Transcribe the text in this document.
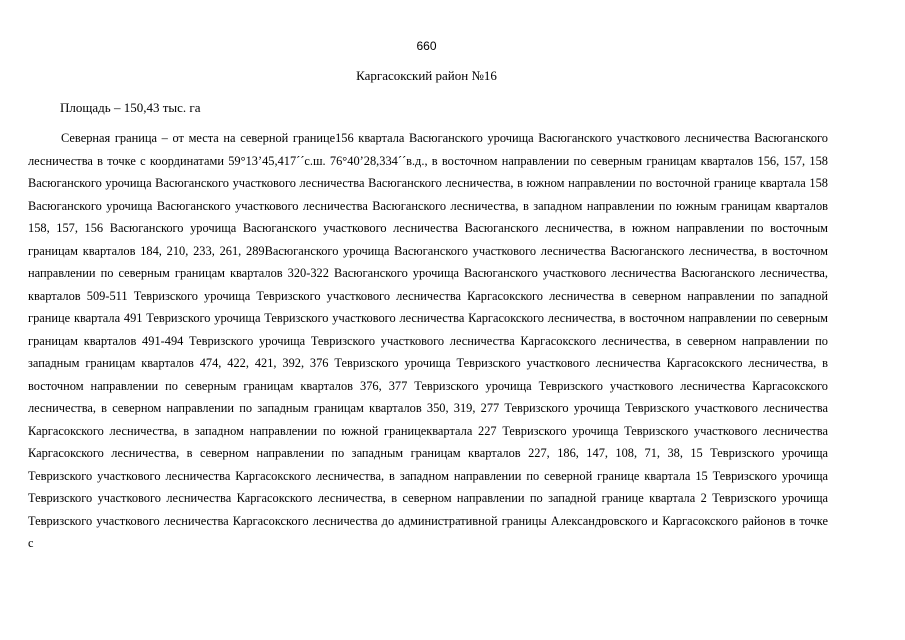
660
Каргасокский район №16
Площадь – 150,43 тыс. га

Северная граница – от места на северной границе156 квартала Васюганского урочища Васюганского участкового лесничества Васюганского лесничества в точке с координатами 59°13’45,417´´с.ш. 76°40’28,334´´в.д., в восточном направлении по северным границам кварталов 156, 157, 158 Васюганского урочища Васюганского участкового лесничества Васюганского лесничества, в южном направлении по восточной границе квартала 158 Васюганского урочища Васюганского участкового лесничества Васюганского лесничества, в западном направлении по южным границам кварталов 158, 157, 156 Васюганского урочища Васюганского участкового лесничества Васюганского лесничества, в южном направлении по восточным границам кварталов 184, 210, 233, 261, 289Васюганского урочища Васюганского участкового лесничества Васюганского лесничества, в восточном направлении по северным границам кварталов 320-322 Васюганского урочища Васюганского участкового лесничества Васюганского лесничества, кварталов 509-511 Тевризского урочища Тевризского участкового лесничества Каргасокского лесничества в северном направлении по западной границе квартала 491 Тевризского урочища Тевризского участкового лесничества Каргасокского лесничества, в восточном направлении по северным границам кварталов 491-494 Тевризского урочища Тевризского участкового лесничества Каргасокского лесничества, в северном направлении по западным границам кварталов 474, 422, 421, 392, 376 Тевризского урочища Тевризского участкового лесничества Каргасокского лесничества, в восточном направлении по северным границам кварталов 376, 377 Тевризского урочища Тевризского участкового лесничества Каргасокского лесничества, в северном направлении по западным границам кварталов 350, 319, 277 Тевризского урочища Тевризского участкового лесничества Каргасокского лесничества, в западном направлении по южной границеквартала 227 Тевризского урочища Тевризского участкового лесничества Каргасокского лесничества, в северном направлении по западным границам кварталов 227, 186, 147, 108, 71, 38, 15 Тевризского урочища Тевризского участкового лесничества Каргасокского лесничества, в западном направлении по северной границе квартала 15 Тевризского урочища Тевризского участкового лесничества Каргасокского лесничества, в северном направлении по западной границе квартала 2 Тевризского урочища Тевризского участкового лесничества Каргасокского лесничества до административной границы Александровского и Каргасокского районов в точке с
